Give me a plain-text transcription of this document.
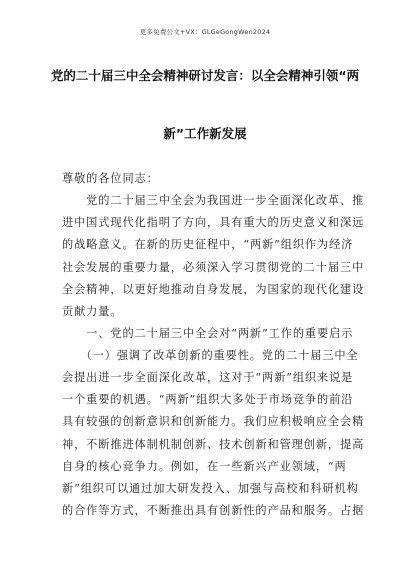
更多免费公文+VX：GLGeGongWen2024
党的二十届三中全会精神研讨发言：以全会精神引领“两
新”工作新发展
尊敬的各位同志：
　　党的二十届三中全会为我国进一步全面深化改革、推
进中国式现代化指明了方向，具有重大的历史意义和深远
的战略意义。在新的历史征程中，“两新”组织作为经济
社会发展的重要力量，必须深入学习贯彻党的二十届三中
全会精神，以更好地推动自身发展，为国家的现代化建设
贡献力量。
　　一、党的二十届三中全会对“两新”工作的重要启示
　　（一）强调了改革创新的重要性。党的二十届三中全
会提出进一步全面深化改革，这对于“两新”组织来说是
一个重要的机遇。“两新”组织大多处于市场竞争的前沿
具有较强的创新意识和创新能力。我们应积极响应全会精
神，不断推进体制机制创新、技术创新和管理创新，提高
自身的核心竞争力。例如，在一些新兴产业领域，“两
新”组织可以通过加大研发投入、加强与高校和科研机构
的合作等方式，不断推出具有创新性的产品和服务。占据
